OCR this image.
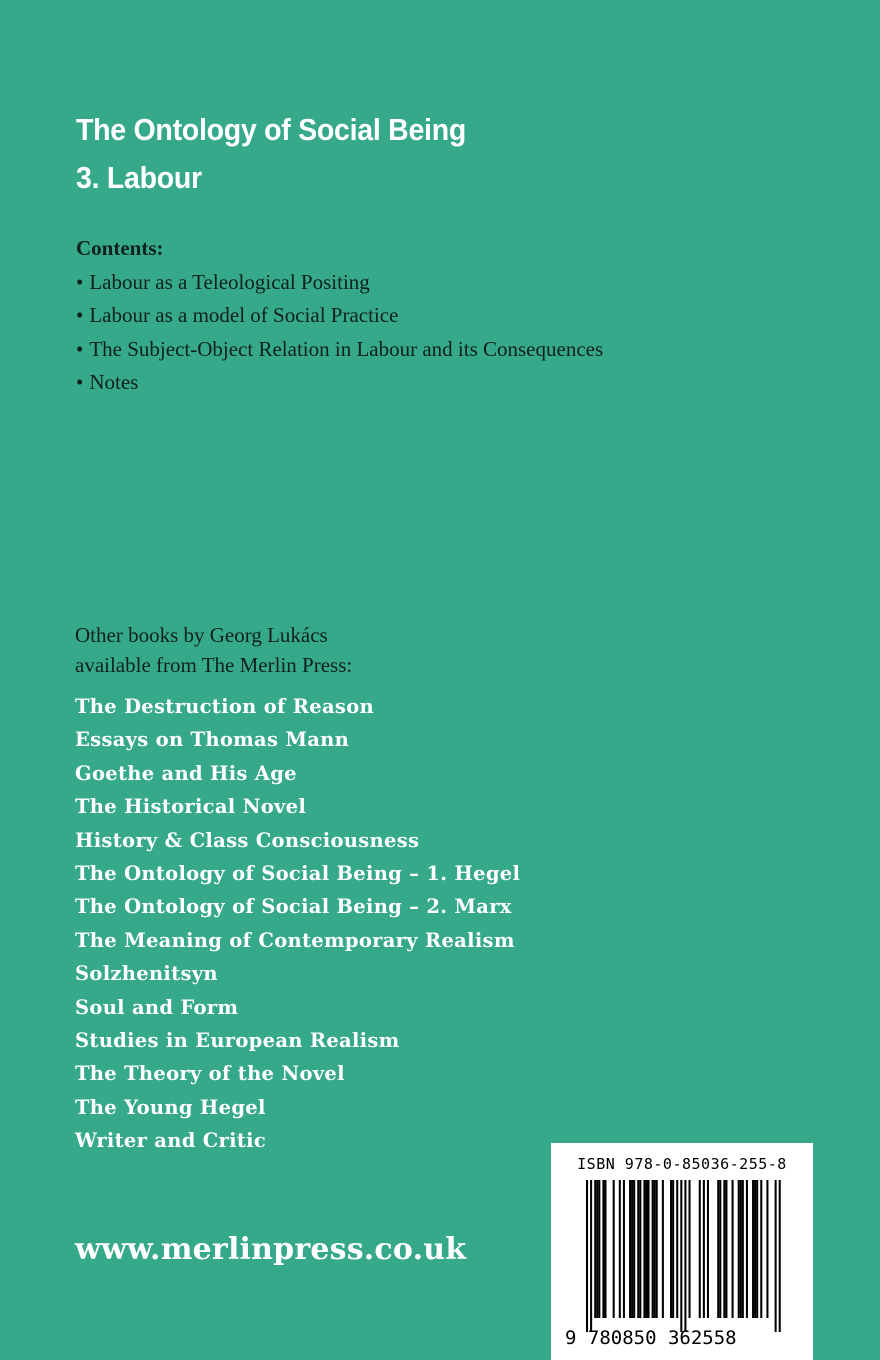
The Ontology of Social Being
3. Labour
Contents:
• Labour as a Teleological Positing
• Labour as a model of Social Practice
• The Subject-Object Relation in Labour and its Consequences
• Notes
Other books by Georg Lukács
available from The Merlin Press:
The Destruction of Reason
Essays on Thomas Mann
Goethe and His Age
The Historical Novel
History & Class Consciousness
The Ontology of Social Being – 1. Hegel
The Ontology of Social Being – 2. Marx
The Meaning of Contemporary Realism
Solzhenitsyn
Soul and Form
Studies in European Realism
The Theory of the Novel
The Young Hegel
Writer and Critic
www.merlinpress.co.uk
ISBN 978-0-85036-255-8
9 780850 362558
